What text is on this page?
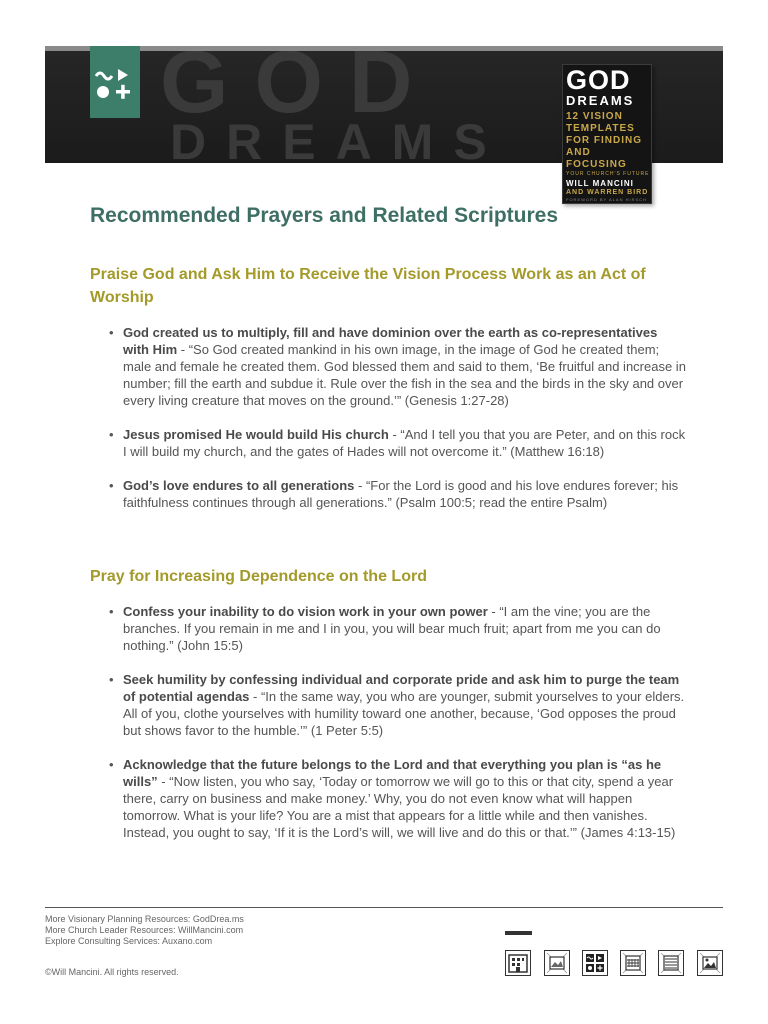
GOD
DREAMS
GOD
DREAMS
12 VISION TEMPLATES FOR FINDING AND FOCUSING
YOUR CHURCH'S FUTURE
WILL MANCINI
AND WARREN BIRD
FOREWORD BY ALAN HIRSCH
Recommended Prayers and Related Scriptures
Praise God and Ask Him to Receive the Vision Process Work as an Act of Worship
• God created us to multiply, fill and have dominion over the earth as co-representatives with Him - “So God created mankind in his own image, in the image of God he created them; male and female he created them. God blessed them and said to them, ‘Be fruitful and increase in number; fill the earth and subdue it. Rule over the fish in the sea and the birds in the sky and over every living creature that moves on the ground.’” (Genesis 1:27-28)
• Jesus promised He would build His church - “And I tell you that you are Peter, and on this rock I will build my church, and the gates of Hades will not overcome it.” (Matthew 16:18)
• God’s love endures to all generations - “For the Lord is good and his love endures forever; his faithfulness continues through all generations.” (Psalm 100:5; read the entire Psalm)
Pray for Increasing Dependence on the Lord
• Confess your inability to do vision work in your own power - “I am the vine; you are the branches. If you remain in me and I in you, you will bear much fruit; apart from me you can do nothing.” (John 15:5)
• Seek humility by confessing individual and corporate pride and ask him to purge the team of potential agendas - “In the same way, you who are younger, submit yourselves to your elders. All of you, clothe yourselves with humility toward one another, because, ‘God opposes the proud but shows favor to the humble.’” (1 Peter 5:5)
• Acknowledge that the future belongs to the Lord and that everything you plan is “as he wills” - “Now listen, you who say, ‘Today or tomorrow we will go to this or that city, spend a year there, carry on business and make money.’ Why, you do not even know what will happen tomorrow. What is your life? You are a mist that appears for a little while and then vanishes. Instead, you ought to say, ‘If it is the Lord’s will, we will live and do this or that.’” (James 4:13-15)
More Visionary Planning Resources: GodDrea.ms
More Church Leader Resources: WillMancini.com
Explore Consulting Services: Auxano.com
©Will Mancini. All rights reserved.
